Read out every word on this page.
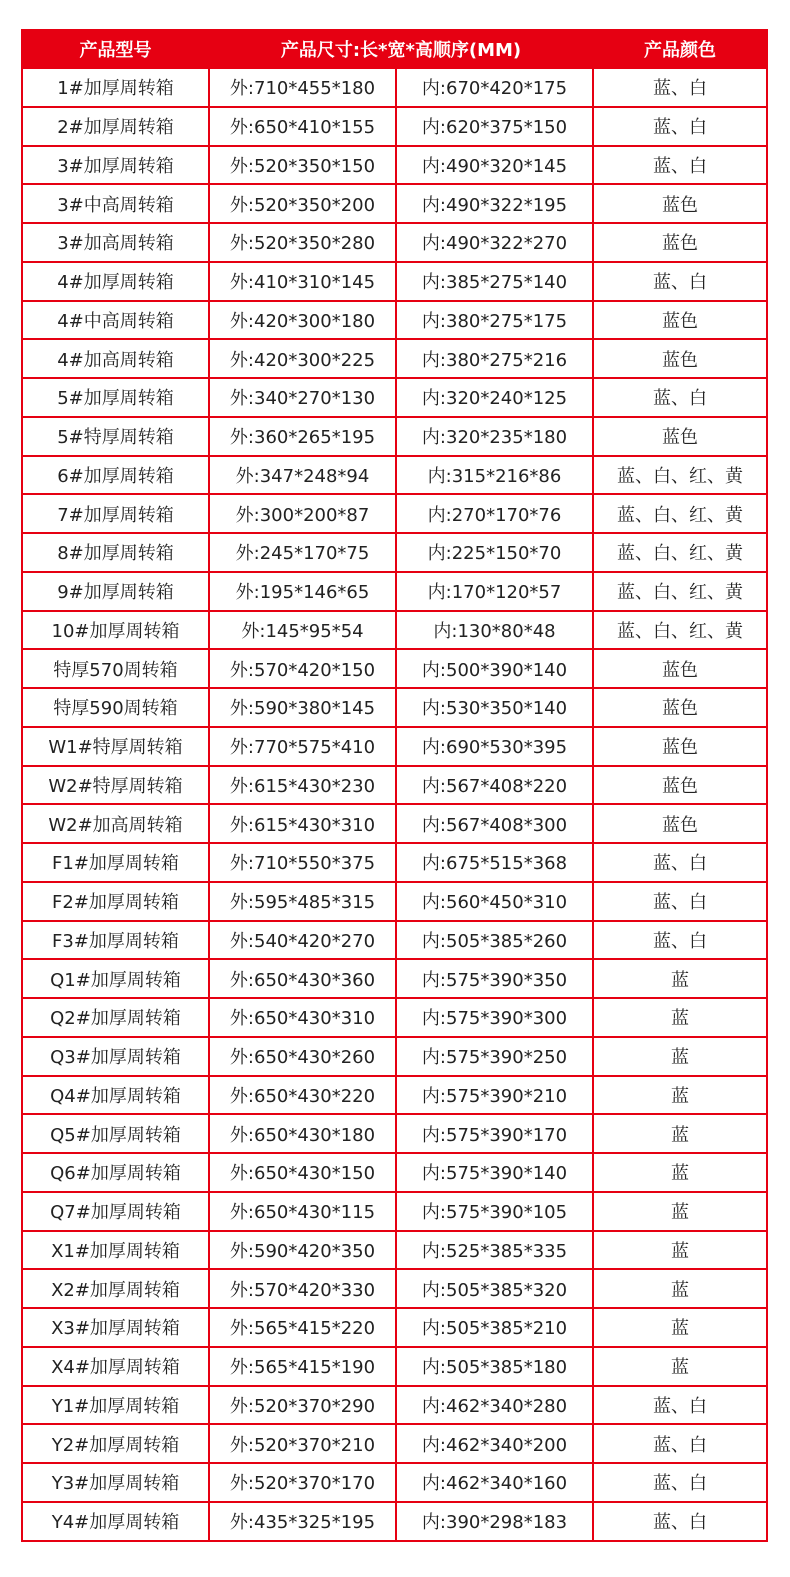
产品型号	产品尺寸:长*宽*高顺序(MM)		产品颜色
1#加厚周转箱	外:710*455*180	内:670*420*175	蓝、白
2#加厚周转箱	外:650*410*155	内:620*375*150	蓝、白
3#加厚周转箱	外:520*350*150	内:490*320*145	蓝、白
3#中高周转箱	外:520*350*200	内:490*322*195	蓝色
3#加高周转箱	外:520*350*280	内:490*322*270	蓝色
4#加厚周转箱	外:410*310*145	内:385*275*140	蓝、白
4#中高周转箱	外:420*300*180	内:380*275*175	蓝色
4#加高周转箱	外:420*300*225	内:380*275*216	蓝色
5#加厚周转箱	外:340*270*130	内:320*240*125	蓝、白
5#特厚周转箱	外:360*265*195	内:320*235*180	蓝色
6#加厚周转箱	外:347*248*94	内:315*216*86	蓝、白、红、黄
7#加厚周转箱	外:300*200*87	内:270*170*76	蓝、白、红、黄
8#加厚周转箱	外:245*170*75	内:225*150*70	蓝、白、红、黄
9#加厚周转箱	外:195*146*65	内:170*120*57	蓝、白、红、黄
10#加厚周转箱	外:145*95*54	内:130*80*48	蓝、白、红、黄
特厚570周转箱	外:570*420*150	内:500*390*140	蓝色
特厚590周转箱	外:590*380*145	内:530*350*140	蓝色
W1#特厚周转箱	外:770*575*410	内:690*530*395	蓝色
W2#特厚周转箱	外:615*430*230	内:567*408*220	蓝色
W2#加高周转箱	外:615*430*310	内:567*408*300	蓝色
F1#加厚周转箱	外:710*550*375	内:675*515*368	蓝、白
F2#加厚周转箱	外:595*485*315	内:560*450*310	蓝、白
F3#加厚周转箱	外:540*420*270	内:505*385*260	蓝、白
Q1#加厚周转箱	外:650*430*360	内:575*390*350	蓝
Q2#加厚周转箱	外:650*430*310	内:575*390*300	蓝
Q3#加厚周转箱	外:650*430*260	内:575*390*250	蓝
Q4#加厚周转箱	外:650*430*220	内:575*390*210	蓝
Q5#加厚周转箱	外:650*430*180	内:575*390*170	蓝
Q6#加厚周转箱	外:650*430*150	内:575*390*140	蓝
Q7#加厚周转箱	外:650*430*115	内:575*390*105	蓝
X1#加厚周转箱	外:590*420*350	内:525*385*335	蓝
X2#加厚周转箱	外:570*420*330	内:505*385*320	蓝
X3#加厚周转箱	外:565*415*220	内:505*385*210	蓝
X4#加厚周转箱	外:565*415*190	内:505*385*180	蓝
Y1#加厚周转箱	外:520*370*290	内:462*340*280	蓝、白
Y2#加厚周转箱	外:520*370*210	内:462*340*200	蓝、白
Y3#加厚周转箱	外:520*370*170	内:462*340*160	蓝、白
Y4#加厚周转箱	外:435*325*195	内:390*298*183	蓝、白
